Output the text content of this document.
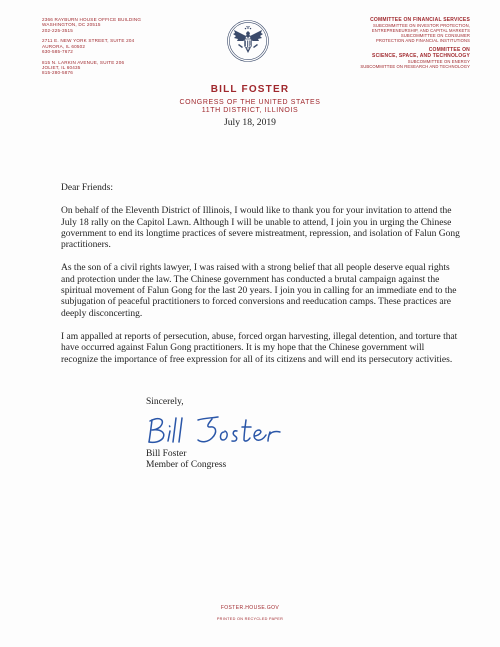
2366 RAYBURN HOUSE OFFICE BUILDING
WASHINGTON, DC 20515
202-225-3515
2711 E. NEW YORK STREET, SUITE 204
AURORA, IL 60502
630-585-7672
815 N. LARKIN AVENUE, SUITE 206
JOLIET, IL 60435
815-280-5876
COMMITTEE ON FINANCIAL SERVICES
SUBCOMMITTEE ON INVESTOR PROTECTION,
ENTREPRENEURSHIP, AND CAPITAL MARKETS
SUBCOMMITTEE ON CONSUMER
PROTECTION AND FINANCIAL INSTITUTIONS
COMMITTEE ON
SCIENCE, SPACE, AND TECHNOLOGY
SUBCOMMITTEE ON ENERGY
SUBCOMMITTEE ON RESEARCH AND TECHNOLOGY
BILL FOSTER
CONGRESS OF THE UNITED STATES
11TH DISTRICT, ILLINOIS
July 18, 2019

Dear Friends:

On behalf of the Eleventh District of Illinois, I would like to thank you for your invitation to attend the July 18 rally on the Capitol Lawn. Although I will be unable to attend, I join you in urging the Chinese government to end its longtime practices of severe mistreatment, repression, and isolation of Falun Gong practitioners.

As the son of a civil rights lawyer, I was raised with a strong belief that all people deserve equal rights and protection under the law. The Chinese government has conducted a brutal campaign against the spiritual movement of Falun Gong for the last 20 years. I join you in calling for an immediate end to the subjugation of peaceful practitioners to forced conversions and reeducation camps. These practices are deeply disconcerting.

I am appalled at reports of persecution, abuse, forced organ harvesting, illegal detention, and torture that have occurred against Falun Gong practitioners. It is my hope that the Chinese government will recognize the importance of free expression for all of its citizens and will end its persecutory activities.

Sincerely,
Bill Foster
Member of Congress
FOSTER.HOUSE.GOV
PRINTED ON RECYCLED PAPER
